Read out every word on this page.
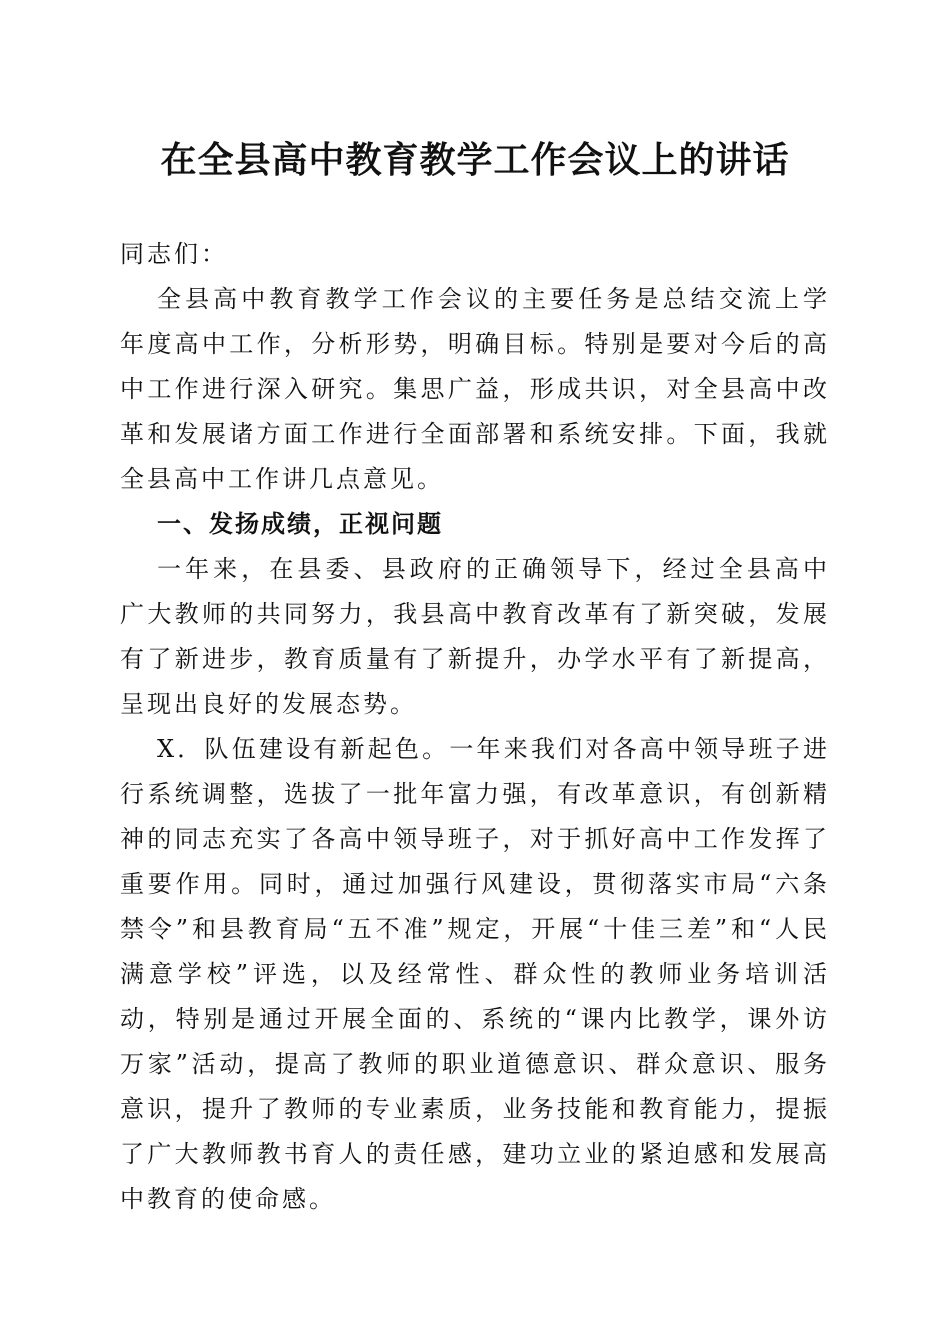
在全县高中教育教学工作会议上的讲话

同志们：

全县高中教育教学工作会议的主要任务是总结交流上学年度高中工作，分析形势，明确目标。特别是要对今后的高中工作进行深入研究。集思广益，形成共识，对全县高中改革和发展诸方面工作进行全面部署和系统安排。下面，我就全县高中工作讲几点意见。

一、发扬成绩，正视问题

一年来，在县委、县政府的正确领导下，经过全县高中广大教师的共同努力，我县高中教育改革有了新突破，发展有了新进步，教育质量有了新提升，办学水平有了新提高，呈现出良好的发展态势。

X．队伍建设有新起色。一年来我们对各高中领导班子进行系统调整，选拔了一批年富力强，有改革意识，有创新精神的同志充实了各高中领导班子，对于抓好高中工作发挥了重要作用。同时，通过加强行风建设，贯彻落实市局“六条禁令”和县教育局“五不准”规定，开展“十佳三差”和“人民满意学校”评选，以及经常性、群众性的教师业务培训活动，特别是通过开展全面的、系统的“课内比教学，课外访万家”活动，提高了教师的职业道德意识、群众意识、服务意识，提升了教师的专业素质，业务技能和教育能力，提振了广大教师教书育人的责任感，建功立业的紧迫感和发展高中教育的使命感。
